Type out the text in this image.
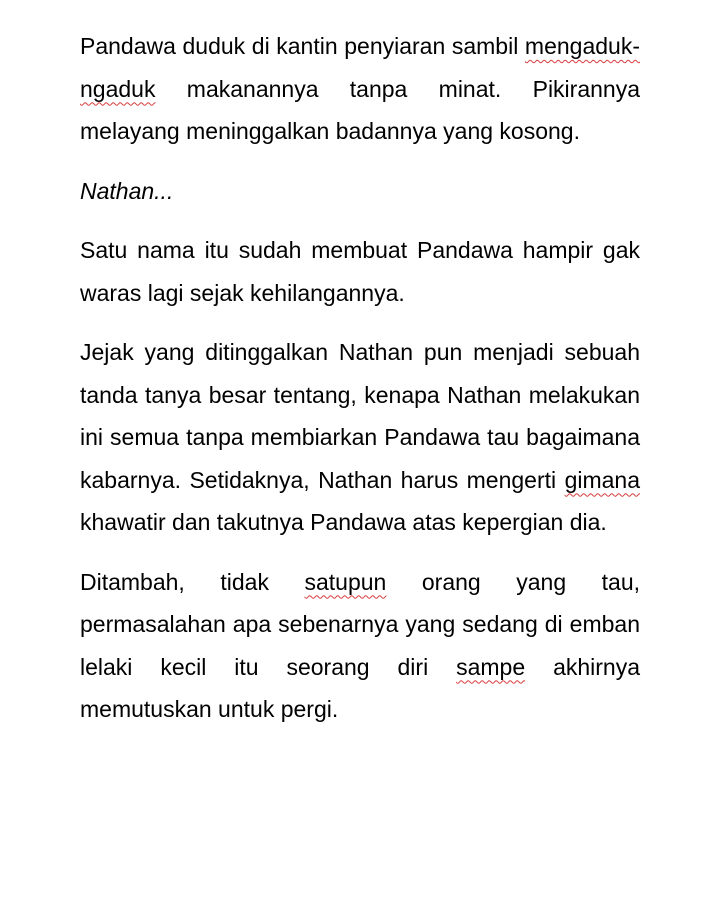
Pandawa duduk di kantin penyiaran sambil mengaduk-ngaduk makanannya tanpa minat. Pikirannya melayang meninggalkan badannya yang kosong.

Nathan...

Satu nama itu sudah membuat Pandawa hampir gak waras lagi sejak kehilangannya.

Jejak yang ditinggalkan Nathan pun menjadi sebuah tanda tanya besar tentang, kenapa Nathan melakukan ini semua tanpa membiarkan Pandawa tau bagaimana kabarnya. Setidaknya, Nathan harus mengerti gimana khawatir dan takutnya Pandawa atas kepergian dia.

Ditambah, tidak satupun orang yang tau, permasalahan apa sebenarnya yang sedang di emban lelaki kecil itu seorang diri sampe akhirnya memutuskan untuk pergi.
